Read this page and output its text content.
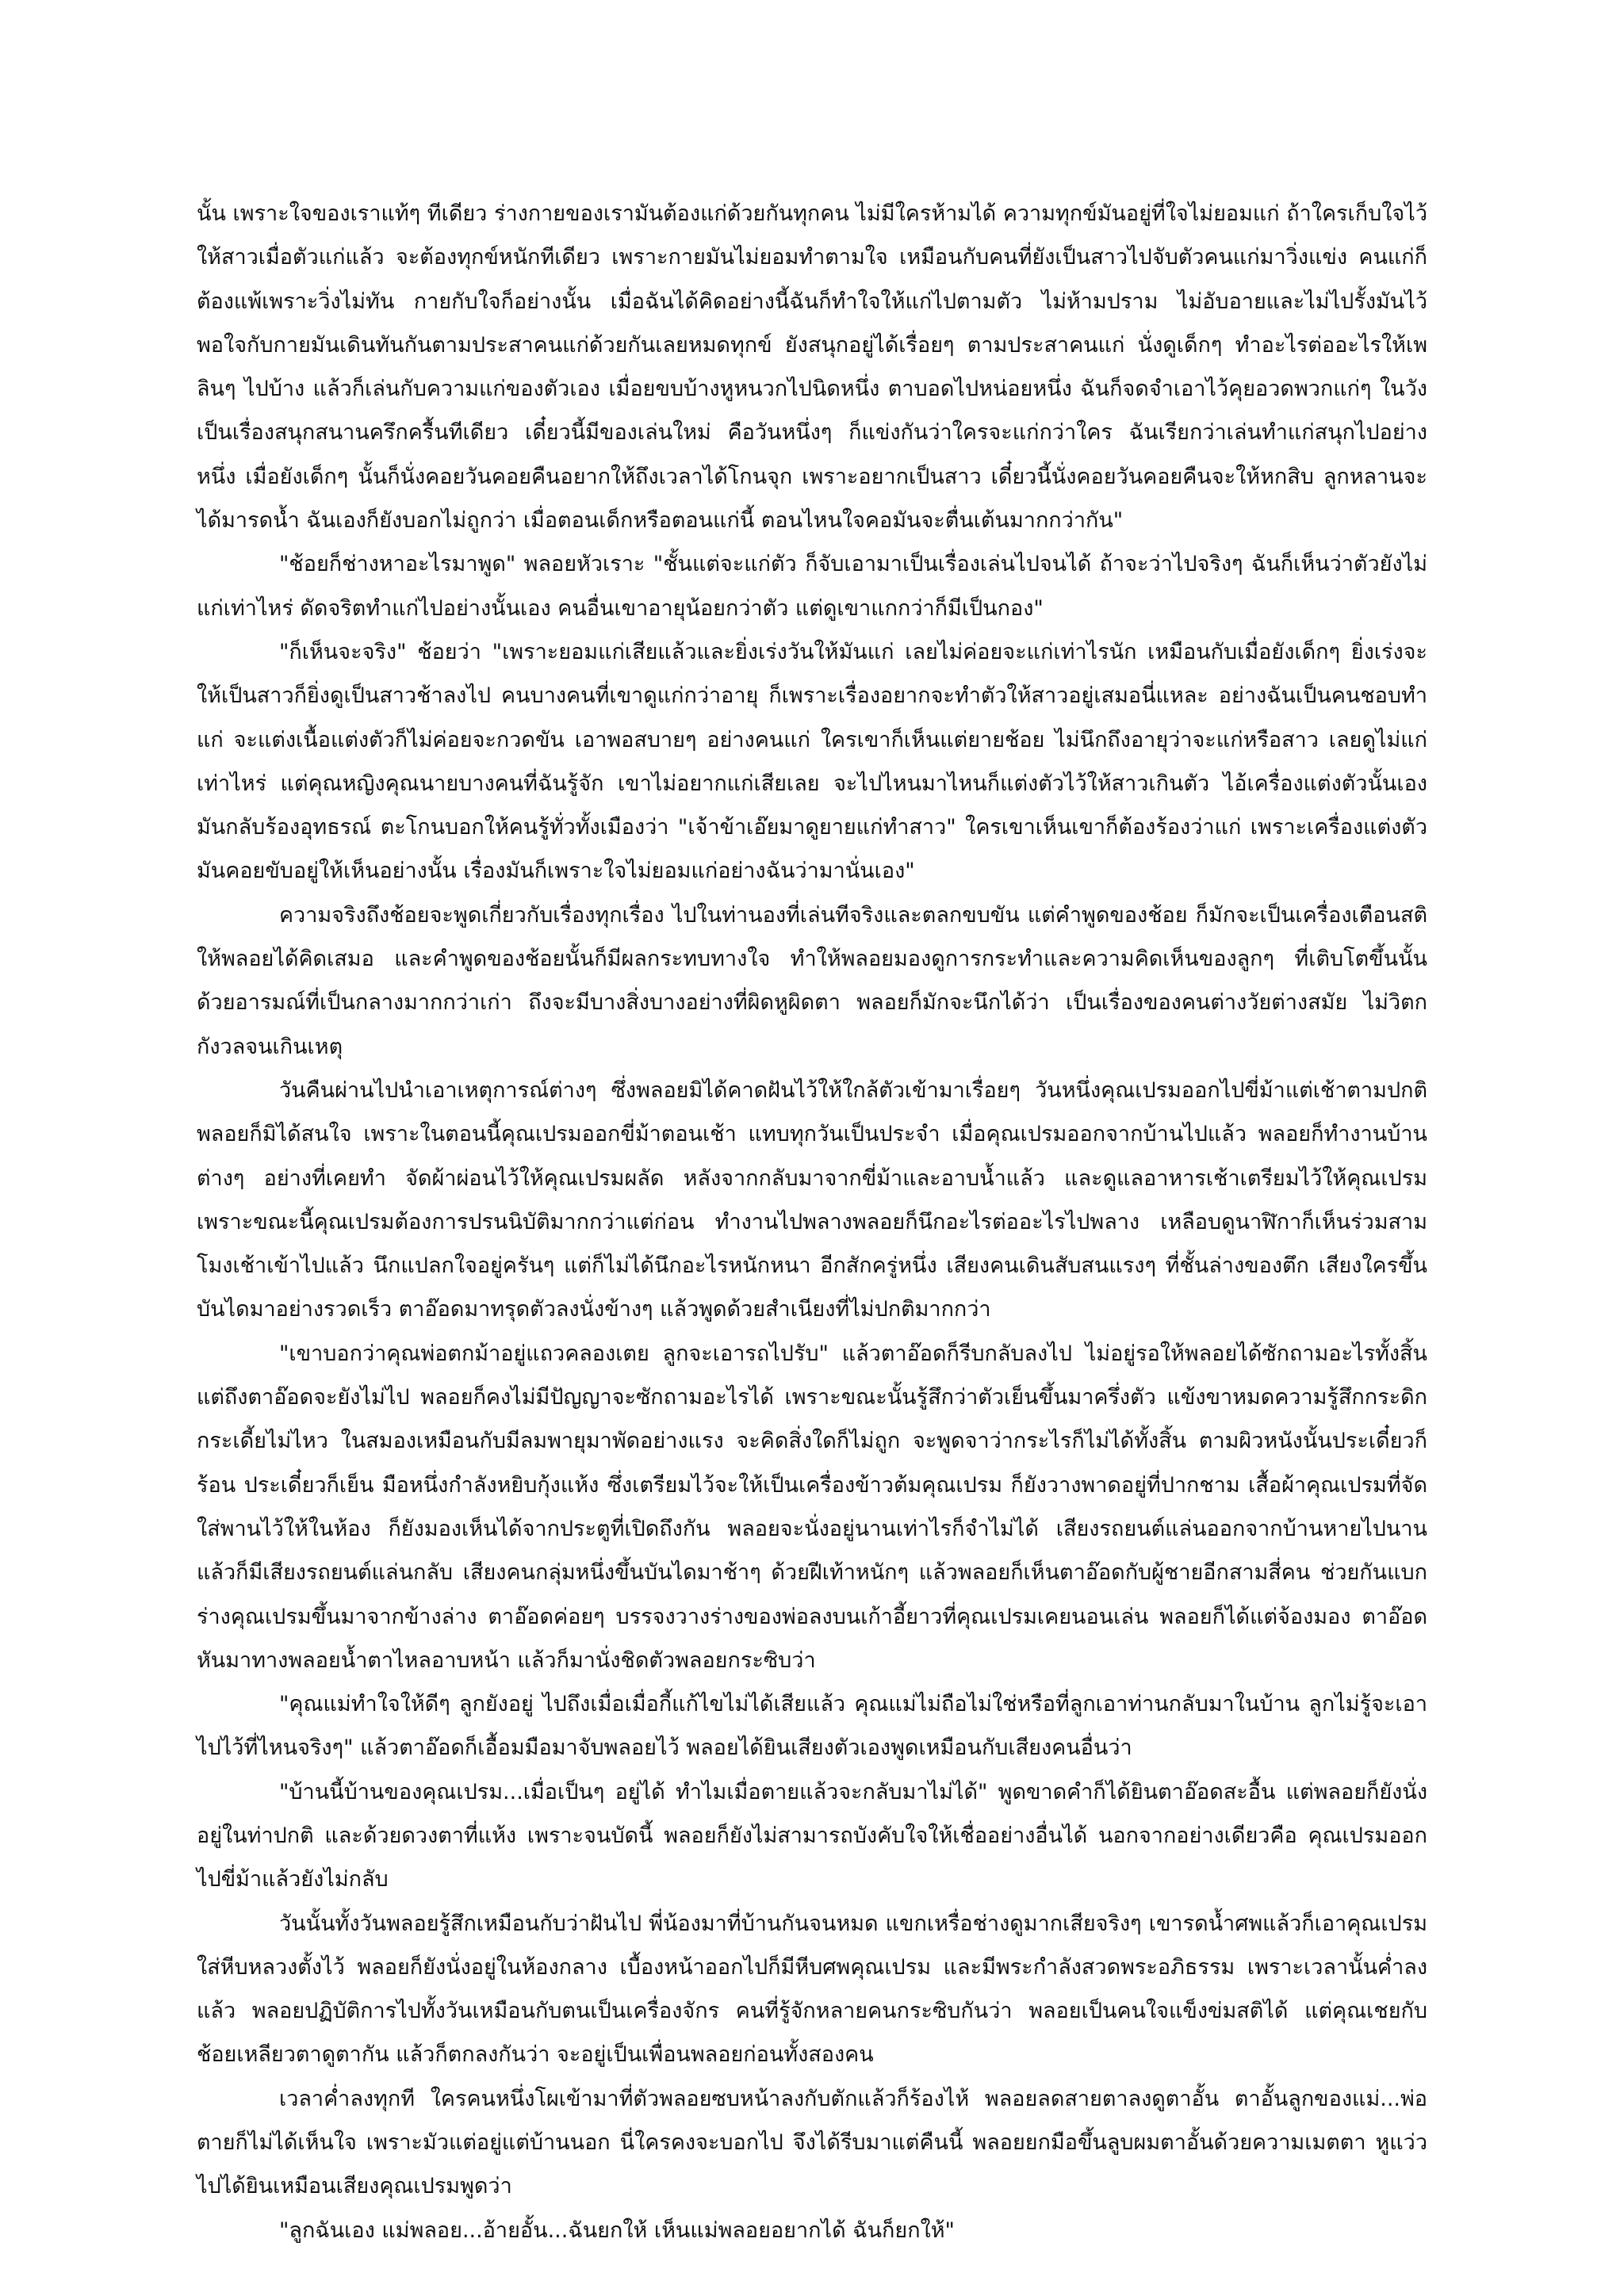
นั้น เพราะใจของเราแท้ๆ ทีเดียว ร่างกายของเรามันต้องแก่ด้วยกันทุกคน ไม่มีใครห้ามได้ ความทุกข์มันอยู่ที่ใจไม่ยอมแก่ ถ้าใครเก็บใจไว้ให้สาวเมื่อตัวแก่แล้ว จะต้องทุกข์หนักทีเดียว เพราะกายมันไม่ยอมทำตามใจ เหมือนกับคนที่ยังเป็นสาวไปจับตัวคนแก่มาวิ่งแข่ง คนแก่ก็ต้องแพ้เพราะวิ่งไม่ทัน กายกับใจก็อย่างนั้น เมื่อฉันได้คิดอย่างนี้ฉันก็ทำใจให้แก่ไปตามตัว ไม่ห้ามปราม ไม่อับอายและไม่ไปรั้งมันไว้ พอใจกับกายมันเดินทันกันตามประสาคนแก่ด้วยกันเลยหมดทุกข์ ยังสนุกอยู่ได้เรื่อยๆ ตามประสาคนแก่ นั่งดูเด็กๆ ทำอะไรต่ออะไรให้เพลินๆ ไปบ้าง แล้วก็เล่นกับความแก่ของตัวเอง เมื่อยขบบ้างหูหนวกไปนิดหนึ่ง ตาบอดไปหน่อยหนึ่ง ฉันก็จดจำเอาไว้คุยอวดพวกแก่ๆ ในวัง เป็นเรื่องสนุกสนานครึกครื้นทีเดียว เดี๋ยวนี้มีของเล่นใหม่ คือวันหนึ่งๆ ก็แข่งกันว่าใครจะแก่กว่าใคร ฉันเรียกว่าเล่นทำแก่สนุกไปอย่างหนึ่ง เมื่อยังเด็กๆ นั้นก็นั่งคอยวันคอยคืนอยากให้ถึงเวลาได้โกนจุก เพราะอยากเป็นสาว เดี๋ยวนี้นั่งคอยวันคอยคืนจะให้หกสิบ ลูกหลานจะได้มารดน้ำ ฉันเองก็ยังบอกไม่ถูกว่า เมื่อตอนเด็กหรือตอนแก่นี้ ตอนไหนใจคอมันจะตื่นเต้นมากกว่ากัน"

"ช้อยก็ช่างหาอะไรมาพูด" พลอยหัวเราะ "ชั้นแต่จะแก่ตัว ก็จับเอามาเป็นเรื่องเล่นไปจนได้ ถ้าจะว่าไปจริงๆ ฉันก็เห็นว่าตัวยังไม่แก่เท่าไหร่ ดัดจริตทำแก่ไปอย่างนั้นเอง คนอื่นเขาอายุน้อยกว่าตัว แต่ดูเขาแกกว่าก็มีเป็นกอง"

"ก็เห็นจะจริง" ช้อยว่า "เพราะยอมแก่เสียแล้วและยิ่งเร่งวันให้มันแก่ เลยไม่ค่อยจะแก่เท่าไรนัก เหมือนกับเมื่อยังเด็กๆ ยิ่งเร่งจะให้เป็นสาวก็ยิ่งดูเป็นสาวช้าลงไป คนบางคนที่เขาดูแก่กว่าอายุ ก็เพราะเรื่องอยากจะทำตัวให้สาวอยู่เสมอนี่แหละ อย่างฉันเป็นคนชอบทำแก่ จะแต่งเนื้อแต่งตัวก็ไม่ค่อยจะกวดขัน เอาพอสบายๆ อย่างคนแก่ ใครเขาก็เห็นแต่ยายช้อย ไม่นึกถึงอายุว่าจะแก่หรือสาว เลยดูไม่แก่เท่าไหร่ แต่คุณหญิงคุณนายบางคนที่ฉันรู้จัก เขาไม่อยากแก่เสียเลย จะไปไหนมาไหนก็แต่งตัวไว้ให้สาวเกินตัว ไอ้เครื่องแต่งตัวนั้นเอง มันกลับร้องอุทธรณ์ ตะโกนบอกให้คนรู้ทั่วทั้งเมืองว่า "เจ้าข้าเอ๊ยมาดูยายแก่ทำสาว" ใครเขาเห็นเขาก็ต้องร้องว่าแก่ เพราะเครื่องแต่งตัวมันคอยขับอยู่ให้เห็นอย่างนั้น เรื่องมันก็เพราะใจไม่ยอมแก่อย่างฉันว่ามานั่นเอง"

ความจริงถึงช้อยจะพูดเกี่ยวกับเรื่องทุกเรื่อง ไปในท่านองที่เล่นทีจริงและตลกขบขัน แต่คำพูดของช้อย ก็มักจะเป็นเครื่องเตือนสติให้พลอยได้คิดเสมอ และคำพูดของช้อยนั้นก็มีผลกระทบทางใจ ทำให้พลอยมองดูการกระทำและความคิดเห็นของลูกๆ ที่เติบโตขึ้นนั้น ด้วยอารมณ์ที่เป็นกลางมากกว่าเก่า ถึงจะมีบางสิ่งบางอย่างที่ผิดหูผิดตา พลอยก็มักจะนึกได้ว่า เป็นเรื่องของคนต่างวัยต่างสมัย ไม่วิตกกังวลจนเกินเหตุ

วันคืนผ่านไปนำเอาเหตุการณ์ต่างๆ ซึ่งพลอยมิได้คาดฝันไว้ให้ใกล้ตัวเข้ามาเรื่อยๆ วันหนึ่งคุณเปรมออกไปขี่ม้าแต่เช้าตามปกติ พลอยก็มิได้สนใจ เพราะในตอนนี้คุณเปรมออกขี่ม้าตอนเช้า แทบทุกวันเป็นประจำ เมื่อคุณเปรมออกจากบ้านไปแล้ว พลอยก็ทำงานบ้านต่างๆ อย่างที่เคยทำ จัดผ้าผ่อนไว้ให้คุณเปรมผลัด หลังจากกลับมาจากขี่ม้าและอาบน้ำแล้ว และดูแลอาหารเช้าเตรียมไว้ให้คุณเปรม เพราะขณะนี้คุณเปรมต้องการปรนนิบัติมากกว่าแต่ก่อน ทำงานไปพลางพลอยก็นึกอะไรต่ออะไรไปพลาง เหลือบดูนาฬิกาก็เห็นร่วมสามโมงเช้าเข้าไปแล้ว นึกแปลกใจอยู่ครันๆ แต่ก็ไม่ได้นึกอะไรหนักหนา อีกสักครู่หนึ่ง เสียงคนเดินสับสนแรงๆ ที่ชั้นล่างของตึก เสียงใครขึ้นบันไดมาอย่างรวดเร็ว ตาอ๊อดมาทรุดตัวลงนั่งข้างๆ แล้วพูดด้วยสำเนียงที่ไม่ปกติมากกว่า

"เขาบอกว่าคุณพ่อตกม้าอยู่แถวคลองเตย ลูกจะเอารถไปรับ" แล้วตาอ๊อดก็รีบกลับลงไป ไม่อยู่รอให้พลอยได้ซักถามอะไรทั้งสิ้น แต่ถึงตาอ๊อดจะยังไม่ไป พลอยก็คงไม่มีปัญญาจะซักถามอะไรได้ เพราะขณะนั้นรู้สึกว่าตัวเย็นขึ้นมาครึ่งตัว แข้งขาหมดความรู้สึกกระดิกกระเดี้ยไม่ไหว ในสมองเหมือนกับมีลมพายุมาพัดอย่างแรง จะคิดสิ่งใดก็ไม่ถูก จะพูดจาว่ากระไรก็ไม่ได้ทั้งสิ้น ตามผิวหนังนั้นประเดี๋ยวก็ร้อน ประเดี๋ยวก็เย็น มือหนึ่งกำลังหยิบกุ้งแห้ง ซึ่งเตรียมไว้จะให้เป็นเครื่องข้าวต้มคุณเปรม ก็ยังวางพาดอยู่ที่ปากชาม เสื้อผ้าคุณเปรมที่จัดใส่พานไว้ให้ในห้อง ก็ยังมองเห็นได้จากประตูที่เปิดถึงกัน พลอยจะนั่งอยู่นานเท่าไรก็จำไม่ได้ เสียงรถยนต์แล่นออกจากบ้านหายไปนาน แล้วก็มีเสียงรถยนต์แล่นกลับ เสียงคนกลุ่มหนึ่งขึ้นบันไดมาช้าๆ ด้วยฝีเท้าหนักๆ แล้วพลอยก็เห็นตาอ๊อดกับผู้ชายอีกสามสี่คน ช่วยกันแบกร่างคุณเปรมขึ้นมาจากข้างล่าง ตาอ๊อดค่อยๆ บรรจงวางร่างของพ่อลงบนเก้าอี้ยาวที่คุณเปรมเคยนอนเล่น พลอยก็ได้แต่จ้องมอง ตาอ๊อดหันมาทางพลอยน้ำตาไหลอาบหน้า แล้วก็มานั่งชิดตัวพลอยกระซิบว่า

"คุณแม่ทำใจให้ดีๆ ลูกยังอยู่ ไปถึงเมื่อเมื่อกี้แก้ไขไม่ได้เสียแล้ว คุณแม่ไม่ถือไม่ใช่หรือที่ลูกเอาท่านกลับมาในบ้าน ลูกไม่รู้จะเอาไปไว้ที่ไหนจริงๆ" แล้วตาอ๊อดก็เอื้อมมือมาจับพลอยไว้ พลอยได้ยินเสียงตัวเองพูดเหมือนกับเสียงคนอื่นว่า

"บ้านนี้บ้านของคุณเปรม...เมื่อเป็นๆ อยู่ได้ ทำไมเมื่อตายแล้วจะกลับมาไม่ได้" พูดขาดคำก็ได้ยินตาอ๊อดสะอื้น แต่พลอยก็ยังนั่งอยู่ในท่าปกติ และด้วยดวงตาที่แห้ง เพราะจนบัดนี้ พลอยก็ยังไม่สามารถบังคับใจให้เชื่ออย่างอื่นได้ นอกจากอย่างเดียวคือ คุณเปรมออกไปขี่ม้าแล้วยังไม่กลับ

วันนั้นทั้งวันพลอยรู้สึกเหมือนกับว่าฝันไป พี่น้องมาที่บ้านกันจนหมด แขกเหรื่อช่างดูมากเสียจริงๆ เขารดน้ำศพแล้วก็เอาคุณเปรมใส่หีบหลวงตั้งไว้ พลอยก็ยังนั่งอยู่ในห้องกลาง เบื้องหน้าออกไปก็มีหีบศพคุณเปรม และมีพระกำลังสวดพระอภิธรรม เพราะเวลานั้นค่ำลงแล้ว พลอยปฏิบัติการไปทั้งวันเหมือนกับตนเป็นเครื่องจักร คนที่รู้จักหลายคนกระซิบกันว่า พลอยเป็นคนใจแข็งข่มสติได้ แต่คุณเชยกับช้อยเหลียวตาดูตากัน แล้วก็ตกลงกันว่า จะอยู่เป็นเพื่อนพลอยก่อนทั้งสองคน

เวลาค่ำลงทุกที ใครคนหนึ่งโผเข้ามาที่ตัวพลอยซบหน้าลงกับตักแล้วก็ร้องไห้ พลอยลดสายตาลงดูตาอั้น ตาอั้นลูกของแม่...พ่อตายก็ไม่ได้เห็นใจ เพราะมัวแต่อยู่แต่บ้านนอก นี่ใครคงจะบอกไป จึงได้รีบมาแต่คืนนี้ พลอยยกมือขึ้นลูบผมตาอั้นด้วยความเมตตา หูแว่วไปได้ยินเหมือนเสียงคุณเปรมพูดว่า

"ลูกฉันเอง แม่พลอย...อ้ายอั้น...ฉันยกให้ เห็นแม่พลอยอยากได้ ฉันก็ยกให้"
